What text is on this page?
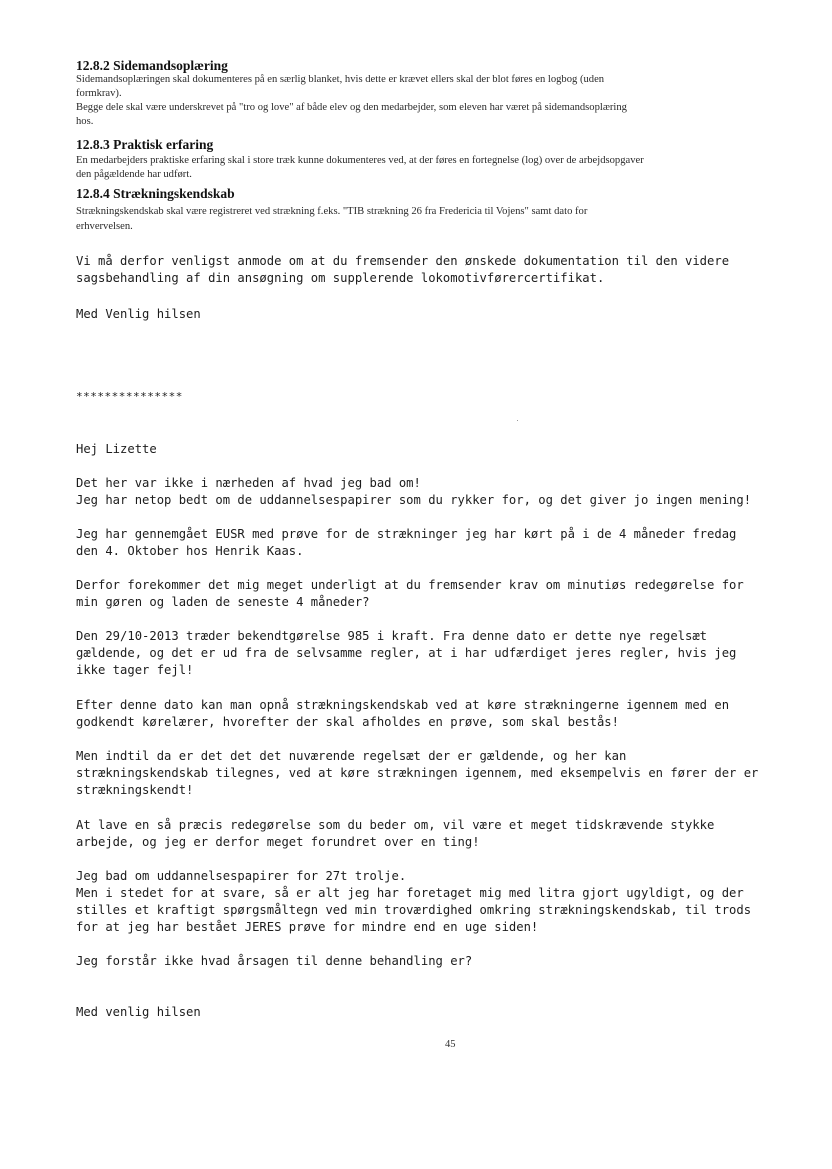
12.8.2 Sidemandsoplæring

Sidemandsoplæringen skal dokumenteres på en særlig blanket, hvis dette er krævet ellers skal der blot føres en logbog (uden

formkrav).

Begge dele skal være underskrevet på "tro og love" af både elev og den medarbejder, som eleven har været på sidemandsoplæring

hos.

12.8.3 Praktisk erfaring

En medarbejders praktiske erfaring skal i store træk kunne dokumenteres ved, at der føres en fortegnelse (log) over de arbejdsopgaver

den pågældende har udført.

12.8.4 Strækningskendskab

Strækningskendskab skal være registreret ved strækning f.eks. "TIB strækning 26 fra Fredericia til Vojens" samt dato for

erhvervelsen.

Vi må derfor venligst anmode om at du fremsender den ønskede dokumentation til den videre

sagsbehandling af din ansøgning om supplerende lokomotivførercertifikat.

Med Venlig hilsen

***************

Hej Lizette

Det her var ikke i nærheden af hvad jeg bad om!

Jeg har netop bedt om de uddannelsespapirer som du rykker for, og det giver jo ingen mening!

Jeg har gennemgået EUSR med prøve for de strækninger jeg har kørt på i de 4 måneder fredag

den 4. Oktober hos Henrik Kaas.

Derfor forekommer det mig meget underligt at du fremsender krav om minutiøs redegørelse for

min gøren og laden de seneste 4 måneder?

Den 29/10-2013 træder bekendtgørelse 985 i kraft. Fra denne dato er dette nye regelsæt

gældende, og det er ud fra de selvsamme regler, at i har udfærdiget jeres regler, hvis jeg

ikke tager fejl!

Efter denne dato kan man opnå strækningskendskab ved at køre strækningerne igennem med en

godkendt kørelærer, hvorefter der skal afholdes en prøve, som skal bestås!

Men indtil da er det det det nuværende regelsæt der er gældende, og her kan

strækningskendskab tilegnes, ved at køre strækningen igennem, med eksempelvis en fører der er

strækningskendt!

At lave en så præcis redegørelse som du beder om, vil være et meget tidskrævende stykke

arbejde, og jeg er derfor meget forundret over en ting!

Jeg bad om uddannelsespapirer for 27t trolje.

Men i stedet for at svare, så er alt jeg har foretaget mig med litra gjort ugyldigt, og der

stilles et kraftigt spørgsmåltegn ved min troværdighed omkring strækningskendskab, til trods

for at jeg har bestået JERES prøve for mindre end en uge siden!

Jeg forstår ikke hvad årsagen til denne behandling er?

Med venlig hilsen

45
